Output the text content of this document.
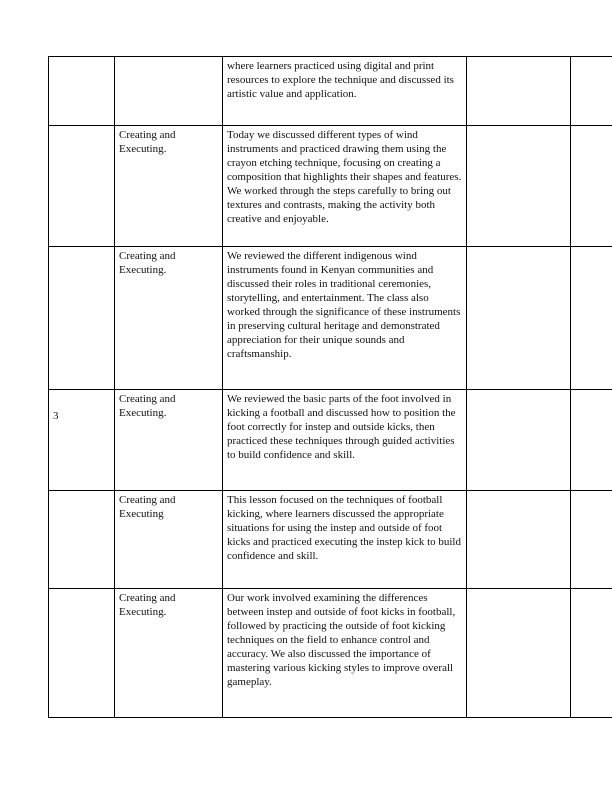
		where learners practiced using digital and print resources to explore the technique and discussed its artistic value and application.		

	Creating and Executing.	Today we discussed different types of wind instruments and practiced drawing them using the crayon etching technique, focusing on creating a composition that highlights their shapes and features. We worked through the steps carefully to bring out textures and contrasts, making the activity both creative and enjoyable.		

	Creating and Executing.	We reviewed the different indigenous wind instruments found in Kenyan communities and discussed their roles in traditional ceremonies, storytelling, and entertainment. The class also worked through the significance of these instruments in preserving cultural heritage and demonstrated appreciation for their unique sounds and craftsmanship.		

3	Creating and Executing.	We reviewed the basic parts of the foot involved in kicking a football and discussed how to position the foot correctly for instep and outside kicks, then practiced these techniques through guided activities to build confidence and skill.		

	Creating and Executing	This lesson focused on the techniques of football kicking, where learners discussed the appropriate situations for using the instep and outside of foot kicks and practiced executing the instep kick to build confidence and skill.		

	Creating and Executing.	Our work involved examining the differences between instep and outside of foot kicks in football, followed by practicing the outside of foot kicking techniques on the field to enhance control and accuracy. We also discussed the importance of mastering various kicking styles to improve overall gameplay.		
